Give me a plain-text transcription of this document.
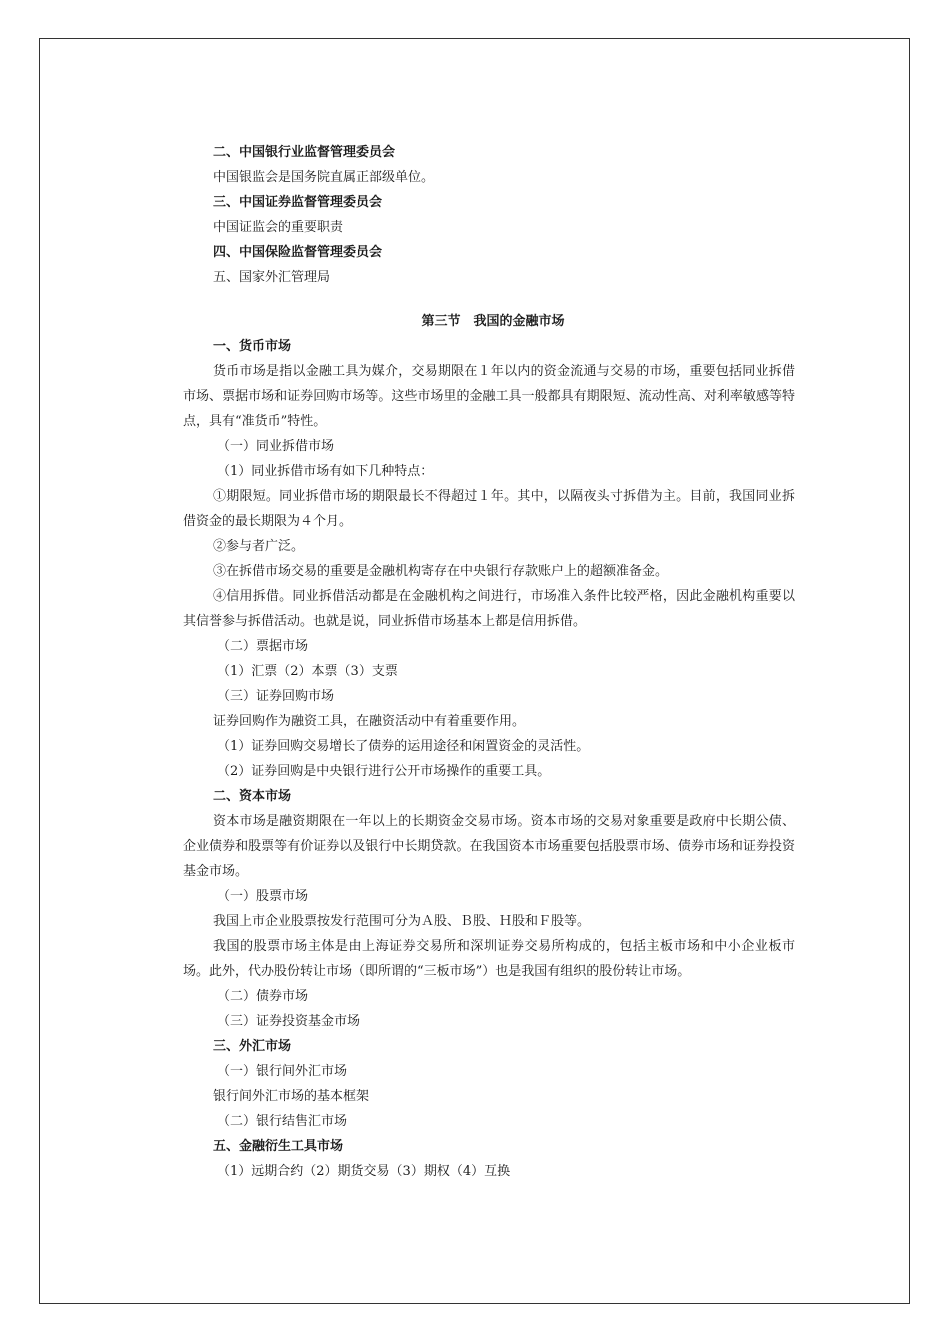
二、中国银行业监督管理委员会
中国银监会是国务院直属正部级单位。
三、中国证券监督管理委员会
中国证监会的重要职责
四、中国保险监督管理委员会
五、国家外汇管理局
第三节　我国的金融市场
一、货币市场
货币市场是指以金融工具为媒介，交易期限在１年以内的资金流通与交易的市场，重要包括同业拆借市场、票据市场和证券回购市场等。这些市场里的金融工具一般都具有期限短、流动性高、对利率敏感等特点，具有“准货币”特性。
（一）同业拆借市场
（1）同业拆借市场有如下几种特点：
①期限短。同业拆借市场的期限最长不得超过１年。其中，以隔夜头寸拆借为主。目前，我国同业拆借资金的最长期限为４个月。
②参与者广泛。
③在拆借市场交易的重要是金融机构寄存在中央银行存款账户上的超额准备金。
④信用拆借。同业拆借活动都是在金融机构之间进行，市场准入条件比较严格，因此金融机构重要以其信誉参与拆借活动。也就是说，同业拆借市场基本上都是信用拆借。
（二）票据市场
（1）汇票（2）本票（3）支票
（三）证券回购市场
证券回购作为融资工具，在融资活动中有着重要作用。
（1）证券回购交易增长了债券的运用途径和闲置资金的灵活性。
（2）证券回购是中央银行进行公开市场操作的重要工具。
二、资本市场
资本市场是融资期限在一年以上的长期资金交易市场。资本市场的交易对象重要是政府中长期公债、企业债券和股票等有价证券以及银行中长期贷款。在我国资本市场重要包括股票市场、债券市场和证券投资基金市场。
（一）股票市场
我国上市企业股票按发行范围可分为Ａ股、Ｂ股、Ｈ股和Ｆ股等。
我国的股票市场主体是由上海证券交易所和深圳证券交易所构成的，包括主板市场和中小企业板市场。此外，代办股份转让市场（即所谓的“三板市场”）也是我国有组织的股份转让市场。
（二）债券市场
（三）证券投资基金市场
三、外汇市场
（一）银行间外汇市场
银行间外汇市场的基本框架
（二）银行结售汇市场
五、金融衍生工具市场
（1）远期合约（2）期货交易（3）期权（4）互换
